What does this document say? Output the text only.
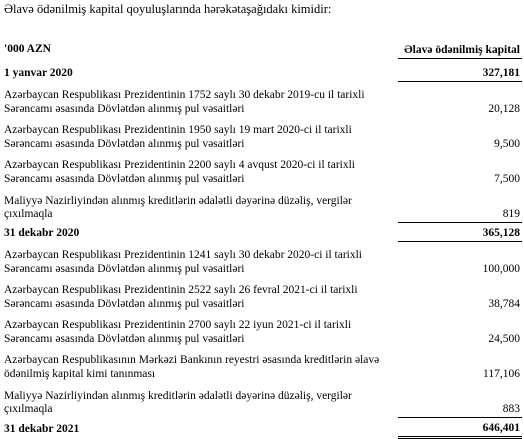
Əlavə ödənilmiş kapital qoyuluşlarında hərəkətaşağıdakı kimidir:
'000 AZN	Əlavə ödənilmiş kapital

1 yanvar 2020	327,181
Azərbaycan Respublikası Prezidentinin 1752 saylı 30 dekabr 2019-cu il tarixli Sərəncamı əsasında Dövlətdən alınmış pul vəsaitləri	20,128
Azərbaycan Respublikası Prezidentinin 1950 saylı 19 mart 2020-ci il tarixli Sərəncamı əsasında Dövlətdən alınmış pul vəsaitləri	9,500
Azərbaycan Respublikası Prezidentinin 2200 saylı 4 avqust 2020-ci il tarixli Sərəncamı əsasında Dövlətdən alınmış pul vəsaitləri	7,500
Maliyyə Nazirliyindən alınmış kreditlərin ədalətli dəyərinə düzəliş, vergilər çıxılmaqla	819
31 dekabr 2020	365,128
Azərbaycan Respublikası Prezidentinin 1241 saylı 30 dekabr 2020-ci il tarixli Sərəncamı əsasında Dövlətdən alınmış pul vəsaitləri	100,000
Azərbaycan Respublikası Prezidentinin 2522 saylı 26 fevral 2021-ci il tarixli Sərəncamı əsasında Dövlətdən alınmış pul vəsaitləri	38,784
Azərbaycan Respublikası Prezidentinin 2700 saylı 22 iyun 2021-ci il tarixli Sərəncamı əsasında Dövlətdən alınmış pul vəsaitləri	24,500
Azərbaycan Respublikasının Mərkəzi Bankının reyestri əsasında kreditlərin əlavə ödənilmiş kapital kimi tanınması	117,106
Maliyyə Nazirliyindən alınmış kreditlərin ədalətli dəyərinə düzəliş, vergilər çıxılmaqla	883
31 dekabr 2021	646,401
